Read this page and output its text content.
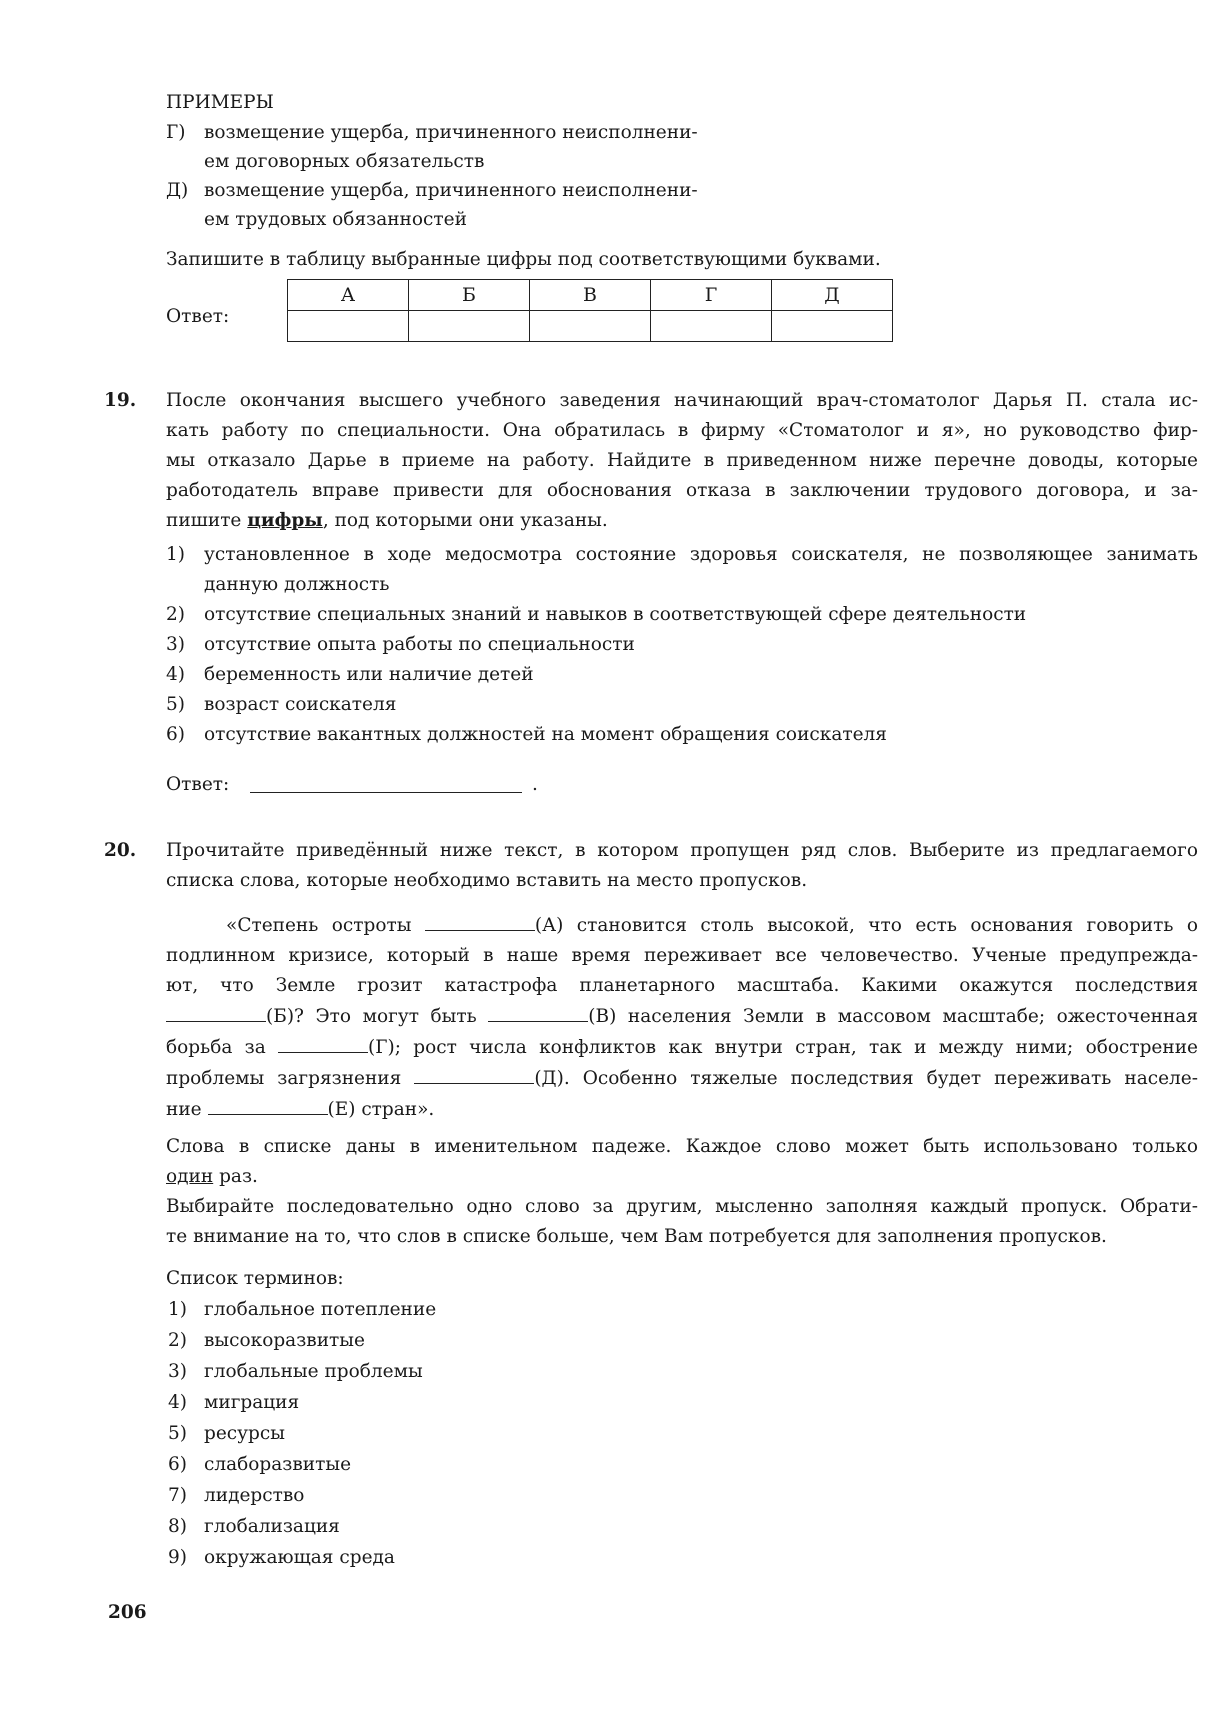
ПРИМЕРЫ
Г) возмещение ущерба, причиненного неисполнени-
ем договорных обязательств
Д) возмещение ущерба, причиненного неисполнени-
ем трудовых обязанностей
Запишите в таблицу выбранные цифры под соответствующими буквами.
Ответ:
А	Б	В	Г	Д

19. После окончания высшего учебного заведения начинающий врач-стоматолог Дарья П. стала ис-
кать работу по специальности. Она обратилась в фирму «Стоматолог и я», но руководство фир-
мы отказало Дарье в приеме на работу. Найдите в приведенном ниже перечне доводы, которые
работодатель вправе привести для обоснования отказа в заключении трудового договора, и за-
пишите цифры, под которыми они указаны.
1) установленное в ходе медосмотра состояние здоровья соискателя, не позволяющее занимать
данную должность
2) отсутствие специальных знаний и навыков в соответствующей сфере деятельности
3) отсутствие опыта работы по специальности
4) беременность или наличие детей
5) возраст соискателя
6) отсутствие вакантных должностей на момент обращения соискателя
Ответ:	.
20. Прочитайте приведённый ниже текст, в котором пропущен ряд слов. Выберите из предлагаемого
списка слова, которые необходимо вставить на место пропусков.
«Степень остроты	(А) становится столь высокой, что есть основания говорить о
подлинном кризисе, который в наше время переживает все человечество. Ученые предупрежда-
ют, что Земле грозит катастрофа планетарного масштаба. Какими окажутся последствия
(Б)? Это могут быть	(В) населения Земли в массовом масштабе; ожесточенная
борьба за	(Г); рост числа конфликтов как внутри стран, так и между ними; обострение
проблемы загрязнения	(Д). Особенно тяжелые последствия будет переживать населе-
ние	(Е) стран».
Слова в списке даны в именительном падеже. Каждое слово может быть использовано только
один раз.
Выбирайте последовательно одно слово за другим, мысленно заполняя каждый пропуск. Обрати-
те внимание на то, что слов в списке больше, чем Вам потребуется для заполнения пропусков.
Список терминов:
1) глобальное потепление
2) высокоразвитые
3) глобальные проблемы
4) миграция
5) ресурсы
6) слаборазвитые
7) лидерство
8) глобализация
9) окружающая среда
206
